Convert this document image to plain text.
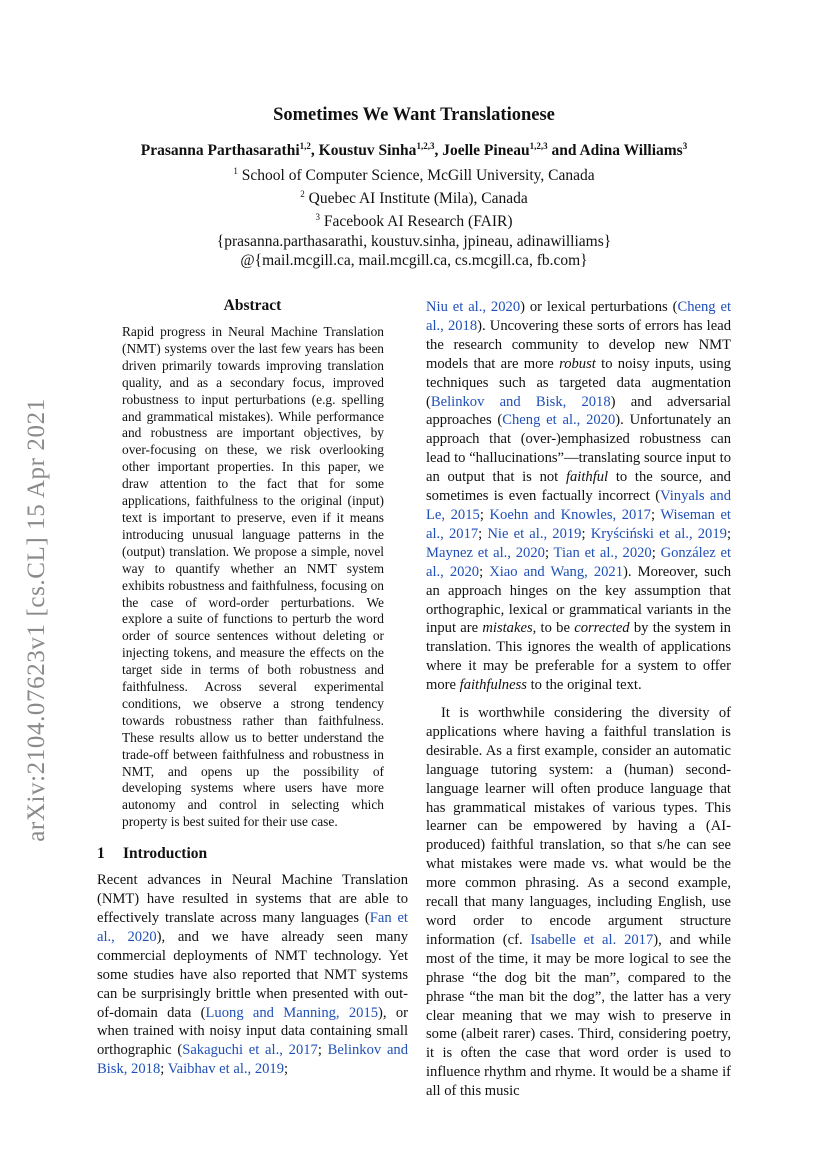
arXiv:2104.07623v1 [cs.CL] 15 Apr 2021
Sometimes We Want Translationese
Prasanna Parthasarathi$^{1,2}$, Koustuv Sinha$^{1,2,3}$, Joelle Pineau$^{1,2,3}$ and Adina Williams$^3$
$^1$ School of Computer Science, McGill University, Canada
$^2$ Quebec AI Institute (Mila), Canada
$^3$ Facebook AI Research (FAIR)
{prasanna.parthasarathi, koustuv.sinha, jpineau, adinawilliams}
@{mail.mcgill.ca, mail.mcgill.ca, cs.mcgill.ca, fb.com}
Abstract
Rapid progress in Neural Machine Translation (NMT) systems over the last few years has been driven primarily towards improving translation quality, and as a secondary focus, improved robustness to input perturbations (e.g. spelling and grammatical mistakes). While performance and robustness are important objectives, by over-focusing on these, we risk overlooking other important properties. In this paper, we draw attention to the fact that for some applications, faithfulness to the original (input) text is important to preserve, even if it means introducing unusual language patterns in the (output) translation. We propose a simple, novel way to quantify whether an NMT system exhibits robustness and faithfulness, focusing on the case of word-order perturbations. We explore a suite of functions to perturb the word order of source sentences without deleting or injecting tokens, and measure the effects on the target side in terms of both robustness and faithfulness. Across several experimental conditions, we observe a strong tendency towards robustness rather than faithfulness. These results allow us to better understand the trade-off between faithfulness and robustness in NMT, and opens up the possibility of developing systems where users have more autonomy and control in selecting which property is best suited for their use case.
1 Introduction

Recent advances in Neural Machine Translation (NMT) have resulted in systems that are able to effectively translate across many languages (Fan et al., 2020), and we have already seen many commercial deployments of NMT technology. Yet some studies have also reported that NMT systems can be surprisingly brittle when presented with out-of-domain data (Luong and Manning, 2015), or when trained with noisy input data containing small orthographic (Sakaguchi et al., 2017; Belinkov and Bisk, 2018; Vaibhav et al., 2019;

Niu et al., 2020) or lexical perturbations (Cheng et al., 2018). Uncovering these sorts of errors has lead the research community to develop new NMT models that are more robust to noisy inputs, using techniques such as targeted data augmentation (Belinkov and Bisk, 2018) and adversarial approaches (Cheng et al., 2020). Unfortunately an approach that (over-)emphasized robustness can lead to “hallucinations”—translating source input to an output that is not faithful to the source, and sometimes is even factually incorrect (Vinyals and Le, 2015; Koehn and Knowles, 2017; Wiseman et al., 2017; Nie et al., 2019; Kryściński et al., 2019; Maynez et al., 2020; Tian et al., 2020; González et al., 2020; Xiao and Wang, 2021). Moreover, such an approach hinges on the key assumption that orthographic, lexical or grammatical variants in the input are mistakes, to be corrected by the system in translation. This ignores the wealth of applications where it may be preferable for a system to offer more faithfulness to the original text.

It is worthwhile considering the diversity of applications where having a faithful translation is desirable. As a first example, consider an automatic language tutoring system: a (human) second-language learner will often produce language that has grammatical mistakes of various types. This learner can be empowered by having a (AI-produced) faithful translation, so that s/he can see what mistakes were made vs. what would be the more common phrasing. As a second example, recall that many languages, including English, use word order to encode argument structure information (cf. Isabelle et al. 2017), and while most of the time, it may be more logical to see the phrase “the dog bit the man”, compared to the phrase “the man bit the dog”, the latter has a very clear meaning that we may wish to preserve in some (albeit rarer) cases. Third, considering poetry, it is often the case that word order is used to influence rhythm and rhyme. It would be a shame if all of this music
